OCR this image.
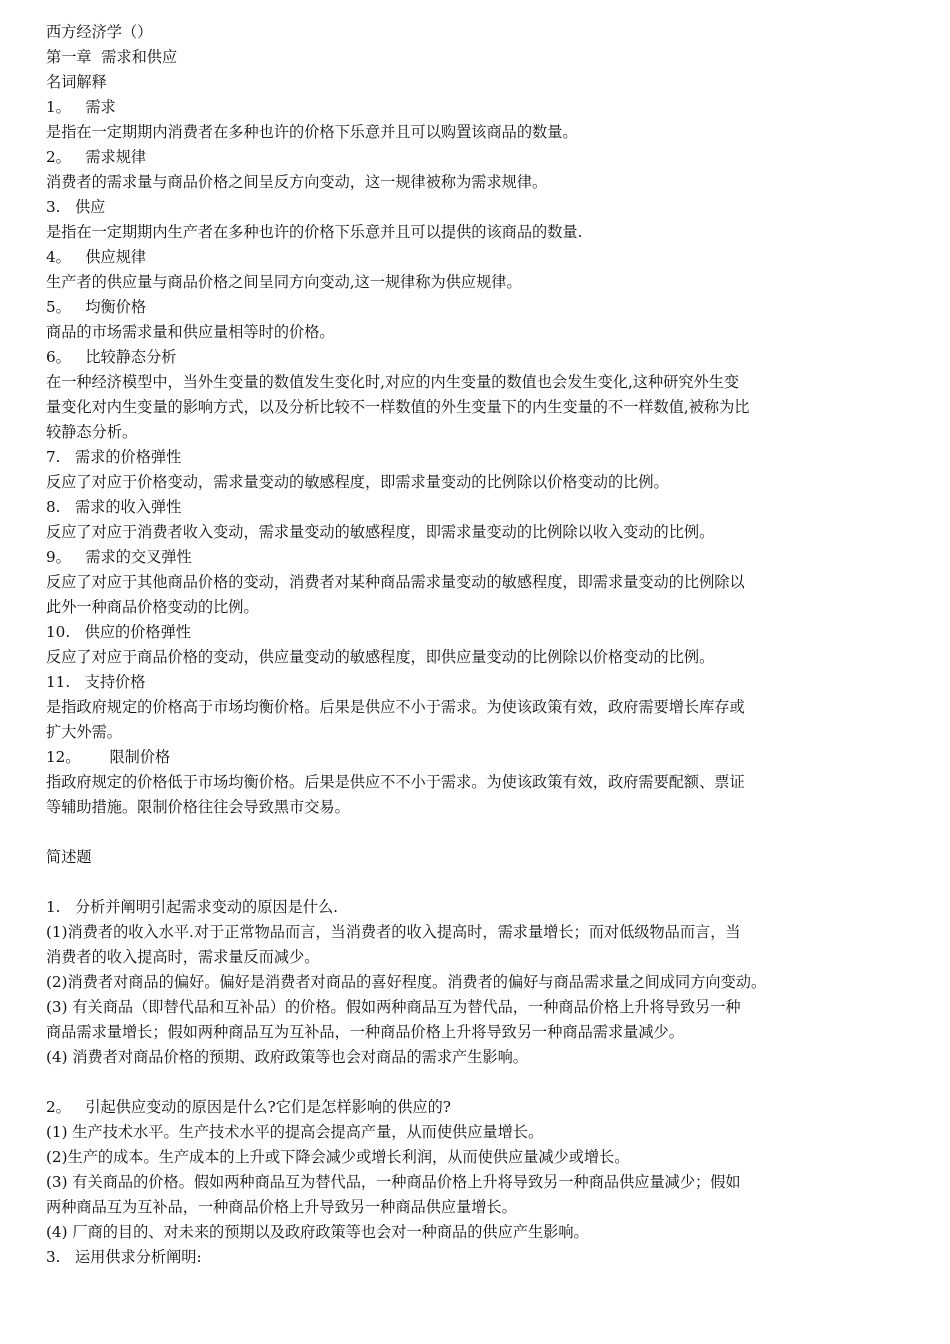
西方经济学（）

第一章  需求和供应

名词解释

1。   需求

是指在一定期期内消费者在多种也许的价格下乐意并且可以购置该商品的数量。

2。   需求规律

消费者的需求量与商品价格之间呈反方向变动，这一规律被称为需求规律。

3.   供应

是指在一定期期内生产者在多种也许的价格下乐意并且可以提供的该商品的数量.

4。   供应规律

生产者的供应量与商品价格之间呈同方向变动,这一规律称为供应规律。

5。   均衡价格

商品的市场需求量和供应量相等时的价格。

6。   比较静态分析

在一种经济模型中，当外生变量的数值发生变化时,对应的内生变量的数值也会发生变化,这种研究外生变

量变化对内生变量的影响方式，以及分析比较不一样数值的外生变量下的内生变量的不一样数值,被称为比

较静态分析。

7.   需求的价格弹性

反应了对应于价格变动，需求量变动的敏感程度，即需求量变动的比例除以价格变动的比例。

8.   需求的收入弹性

反应了对应于消费者收入变动，需求量变动的敏感程度，即需求量变动的比例除以收入变动的比例。

9。   需求的交叉弹性

反应了对应于其他商品价格的变动，消费者对某种商品需求量变动的敏感程度，即需求量变动的比例除以

此外一种商品价格变动的比例。

10.   供应的价格弹性

反应了对应于商品价格的变动，供应量变动的敏感程度，即供应量变动的比例除以价格变动的比例。

11.   支持价格

是指政府规定的价格高于市场均衡价格。后果是供应不小于需求。为使该政策有效，政府需要增长库存或

扩大外需。

12。      限制价格

指政府规定的价格低于市场均衡价格。后果是供应不不小于需求。为使该政策有效，政府需要配额、票证

等辅助措施。限制价格往往会导致黑市交易。

简述题

1.   分析并阐明引起需求变动的原因是什么.

(1)消费者的收入水平.对于正常物品而言，当消费者的收入提高时，需求量增长；而对低级物品而言，当

消费者的收入提高时，需求量反而减少。

(2)消费者对商品的偏好。偏好是消费者对商品的喜好程度。消费者的偏好与商品需求量之间成同方向变动。

(3) 有关商品（即替代品和互补品）的价格。假如两种商品互为替代品，一种商品价格上升将导致另一种

商品需求量增长；假如两种商品互为互补品，一种商品价格上升将导致另一种商品需求量减少。

(4) 消费者对商品价格的预期、政府政策等也会对商品的需求产生影响。

2。   引起供应变动的原因是什么?它们是怎样影响的供应的?

(1) 生产技术水平。生产技术水平的提高会提高产量，从而使供应量增长。

(2)生产的成本。生产成本的上升或下降会减少或增长利润，从而使供应量减少或增长。

(3) 有关商品的价格。假如两种商品互为替代品，一种商品价格上升将导致另一种商品供应量减少；假如

两种商品互为互补品，一种商品价格上升导致另一种商品供应量增长。

(4) 厂商的目的、对未来的预期以及政府政策等也会对一种商品的供应产生影响。

3.   运用供求分析阐明:
